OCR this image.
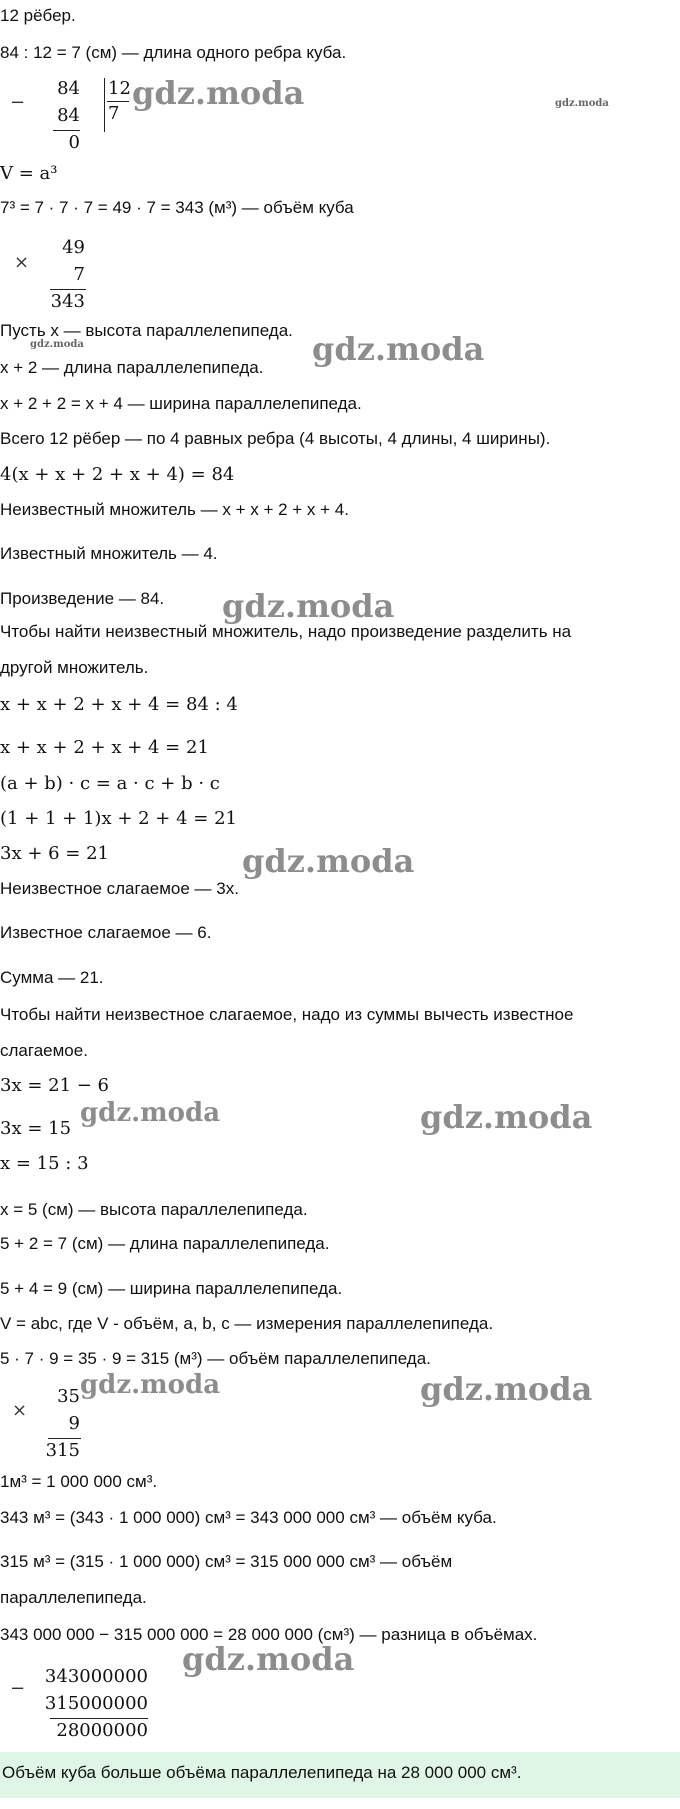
12 рёбер.
84 : 12 = 7 (см) — длина одного ребра куба.
−
84
84
0
12
7
V = a³
7³ = 7 · 7 · 7 = 49 · 7 = 343 (м³) — объём куба
×
49
7
343
Пусть x — высота параллелепипеда.
x + 2 — длина параллелепипеда.
x + 2 + 2 = x + 4 — ширина параллелепипеда.
Всего 12 рёбер — по 4 равных ребра (4 высоты, 4 длины, 4 ширины).
4(x + x + 2 + x + 4) = 84
Неизвестный множитель — x + x + 2 + x + 4.
Известный множитель — 4.
Произведение — 84.
Чтобы найти неизвестный множитель, надо произведение разделить на
другой множитель.
x + x + 2 + x + 4 = 84 : 4
x + x + 2 + x + 4 = 21
(a + b) · c = a · c + b · c
(1 + 1 + 1)x + 2 + 4 = 21
3x + 6 = 21
Неизвестное слагаемое — 3x.
Известное слагаемое — 6.
Сумма — 21.
Чтобы найти неизвестное слагаемое, надо из суммы вычесть известное
слагаемое.
3x = 21 − 6
3x = 15
x = 15 : 3
x = 5 (см) — высота параллелепипеда.
5 + 2 = 7 (см) — длина параллелепипеда.
5 + 4 = 9 (см) — ширина параллелепипеда.
V = abc, где V - объём, a, b, c — измерения параллелепипеда.
5 · 7 · 9 = 35 · 9 = 315 (м³) — объём параллелепипеда.
×
35
9
315
1м³ = 1 000 000 см³.
343 м³ = (343 · 1 000 000) см³ = 343 000 000 см³ — объём куба.
315 м³ = (315 · 1 000 000) см³ = 315 000 000 см³ — объём
параллелепипеда.
343 000 000 − 315 000 000 = 28 000 000 (см³) — разница в объёмах.
−
Объём куба больше объёма параллелепипеда на 28 000 000 см³.
343000000
gdz.moda	gdz.moda
gdz.moda
gdz.moda
gdz.moda
gdz.moda
gdz.moda	gdz.moda
gdz.moda	gdz.moda
gdz.moda
315000000
28000000
